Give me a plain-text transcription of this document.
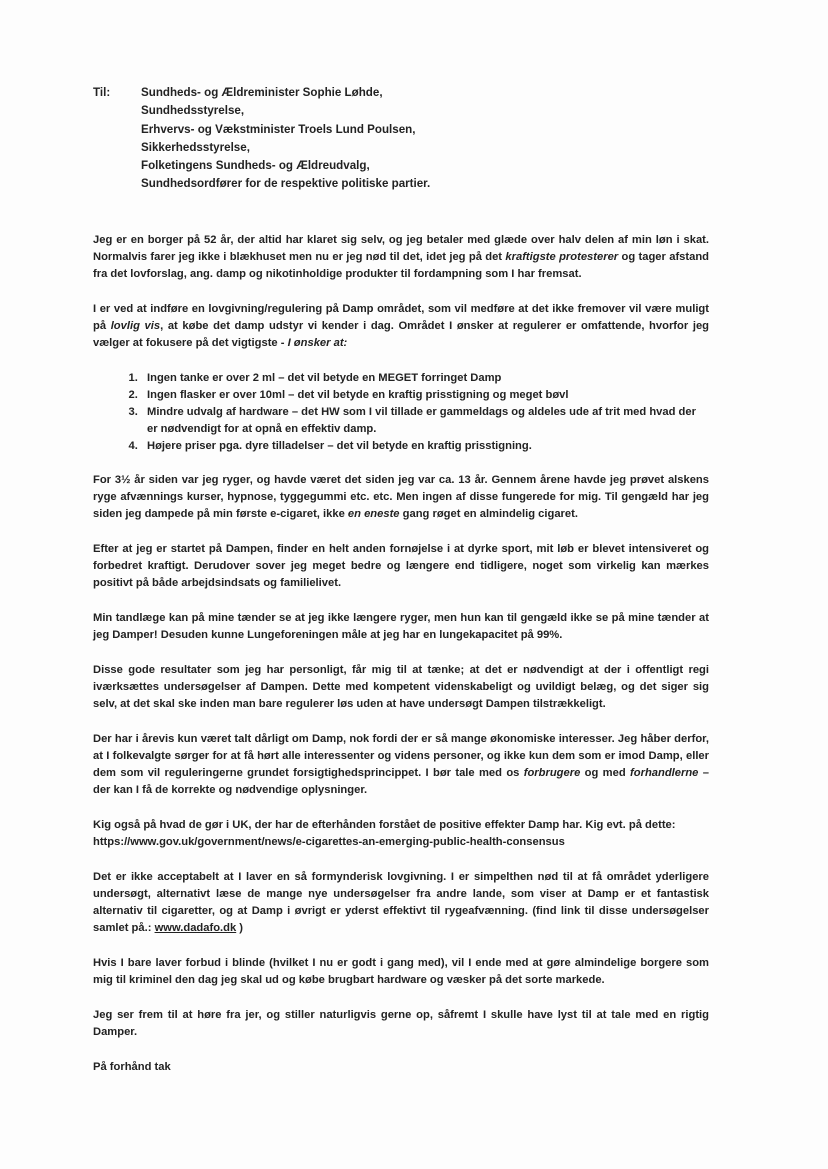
Til:	Sundheds- og Ældreminister Sophie Løhde,
Sundhedsstyrelse,
Erhvervs- og Vækstminister Troels Lund Poulsen,
Sikkerhedsstyrelse,
Folketingens Sundheds- og Ældreudvalg,
Sundhedsordfører for de respektive politiske partier.

Jeg er en borger på 52 år, der altid har klaret sig selv, og jeg betaler med glæde over halv delen af min løn i skat. Normalvis farer jeg ikke i blækhuset men nu er jeg nød til det, idet jeg på det kraftigste protesterer og tager afstand fra det lovforslag, ang. damp og nikotinholdige produkter til fordampning som I har fremsat.

I er ved at indføre en lovgivning/regulering på Damp området, som vil medføre at det ikke fremover vil være muligt på lovlig vis, at købe det damp udstyr vi kender i dag. Området I ønsker at regulerer er omfattende, hvorfor jeg vælger at fokusere på det vigtigste - I ønsker at:

1. Ingen tanke er over 2 ml – det vil betyde en MEGET forringet Damp
2. Ingen flasker er over 10ml – det vil betyde en kraftig prisstigning og meget bøvl
3. Mindre udvalg af hardware – det HW som I vil tillade er gammeldags og aldeles ude af trit med hvad der er nødvendigt for at opnå en effektiv damp.
4. Højere priser pga. dyre tilladelser – det vil betyde en kraftig prisstigning.

For 3½ år siden var jeg ryger, og havde været det siden jeg var ca. 13 år. Gennem årene havde jeg prøvet alskens ryge afvænnings kurser, hypnose, tyggegummi etc. etc. Men ingen af disse fungerede for mig. Til gengæld har jeg siden jeg dampede på min første e-cigaret, ikke en eneste gang røget en almindelig cigaret.

Efter at jeg er startet på Dampen, finder en helt anden fornøjelse i at dyrke sport, mit løb er blevet intensiveret og forbedret kraftigt. Derudover sover jeg meget bedre og længere end tidligere, noget som virkelig kan mærkes positivt på både arbejdsindsats og familielivet.

Min tandlæge kan på mine tænder se at jeg ikke længere ryger, men hun kan til gengæld ikke se på mine tænder at jeg Damper! Desuden kunne Lungeforeningen måle at jeg har en lungekapacitet på 99%.

Disse gode resultater som jeg har personligt, får mig til at tænke; at det er nødvendigt at der i offentligt regi iværksættes undersøgelser af Dampen. Dette med kompetent videnskabeligt og uvildigt belæg, og det siger sig selv, at det skal ske inden man bare regulerer løs uden at have undersøgt Dampen tilstrækkeligt.

Der har i årevis kun været talt dårligt om Damp, nok fordi der er så mange økonomiske interesser. Jeg håber derfor, at I folkevalgte sørger for at få hørt alle interessenter og videns personer, og ikke kun dem som er imod Damp, eller dem som vil reguleringerne grundet forsigtighedsprincippet. I bør tale med os forbrugere og med forhandlerne – der kan I få de korrekte og nødvendige oplysninger.

Kig også på hvad de gør i UK, der har de efterhånden forstået de positive effekter Damp har. Kig evt. på dette:
https://www.gov.uk/government/news/e-cigarettes-an-emerging-public-health-consensus

Det er ikke acceptabelt at I laver en så formynderisk lovgivning. I er simpelthen nød til at få området yderligere undersøgt, alternativt læse de mange nye undersøgelser fra andre lande, som viser at Damp er et fantastisk alternativ til cigaretter, og at Damp i øvrigt er yderst effektivt til rygeafvænning. (find link til disse undersøgelser samlet på.: www.dadafo.dk )

Hvis I bare laver forbud i blinde (hvilket I nu er godt i gang med), vil I ende med at gøre almindelige borgere som mig til kriminel den dag jeg skal ud og købe brugbart hardware og væsker på det sorte markede.

Jeg ser frem til at høre fra jer, og stiller naturligvis gerne op, såfremt I skulle have lyst til at tale med en rigtig Damper.

På forhånd tak
